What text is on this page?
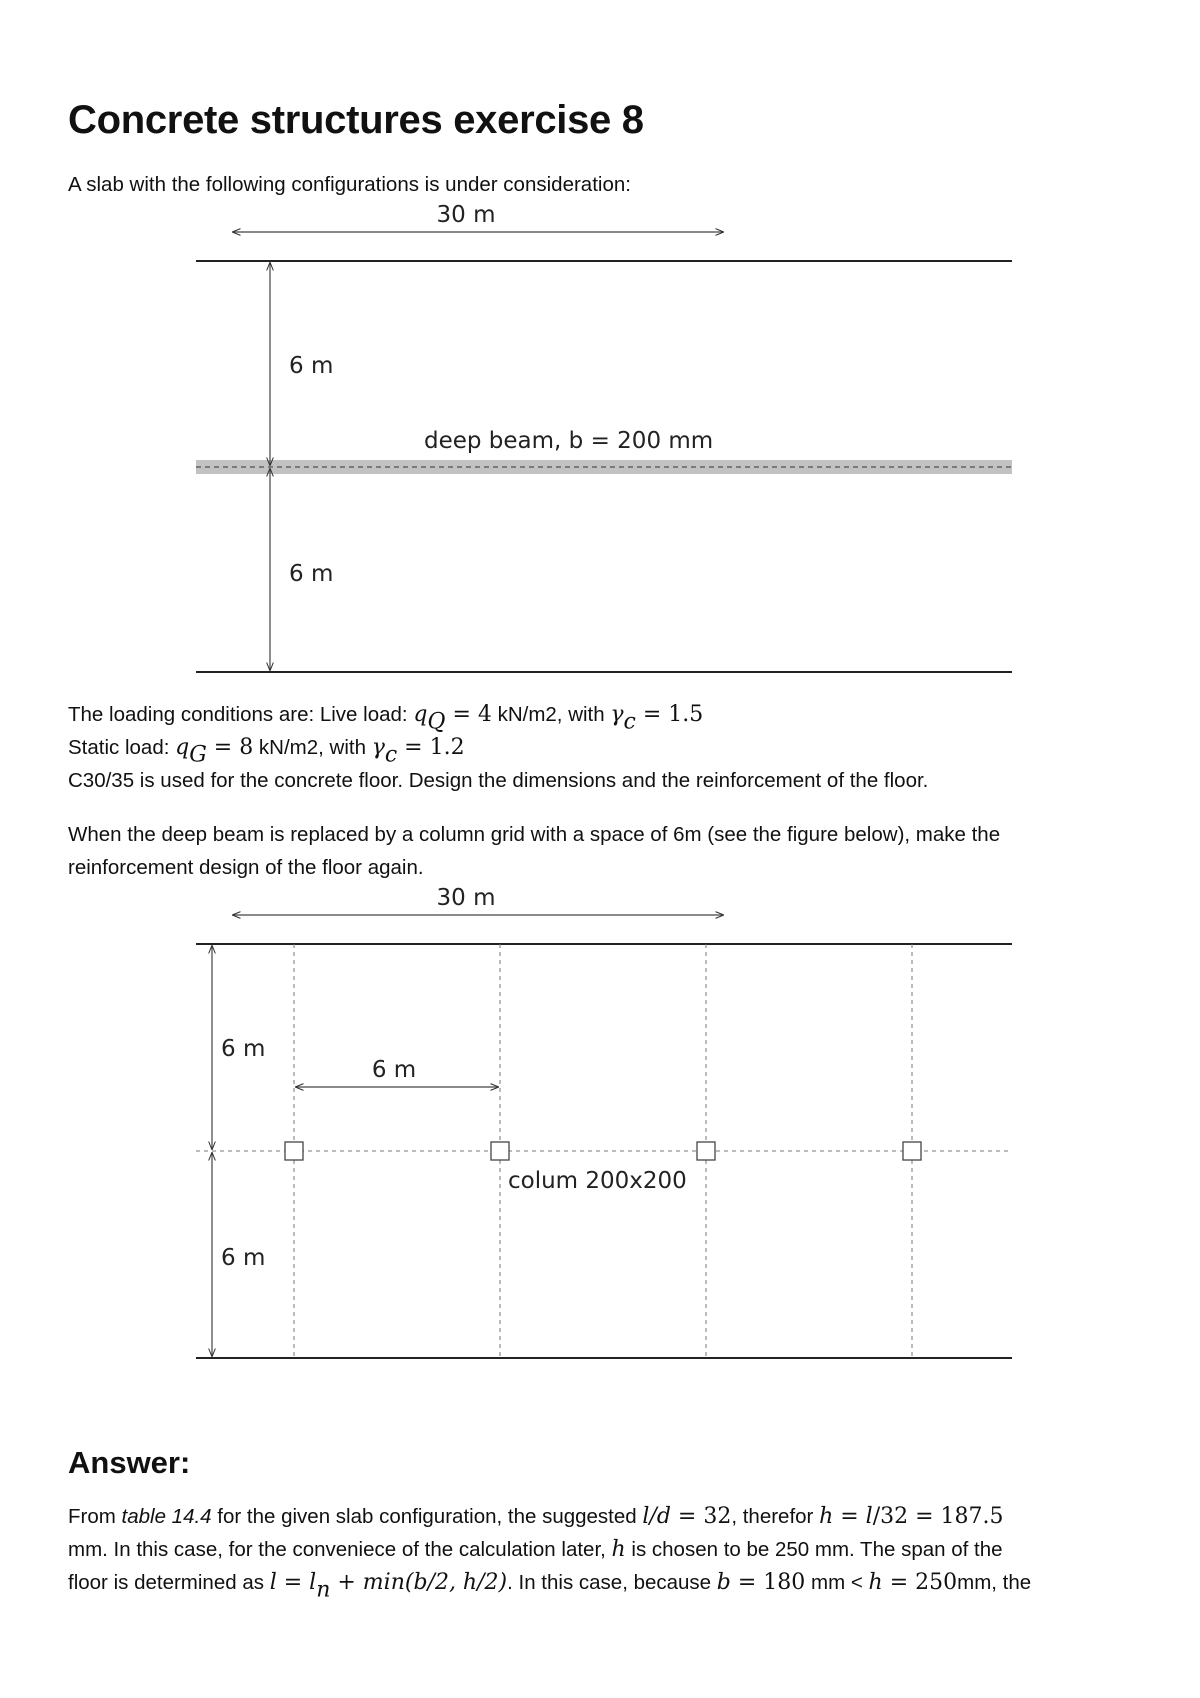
Concrete structures exercise 8
A slab with the following configurations is under consideration:
30 m
6 m
6 m
deep beam, b = 200 mm
The loading conditions are: Live load: $q_Q = 4$ kN/m2, with $\gamma_c = 1.5$
Static load: $q_G = 8$ kN/m2, with $\gamma_c = 1.2$
C30/35 is used for the concrete floor. Design the dimensions and the reinforcement of the floor.
When the deep beam is replaced by a column grid with a space of 6m (see the figure below), make the
reinforcement design of the floor again.
30 m
6 m
6 m
6 m
colum 200x200
Answer:
From table 14.4 for the given slab configuration, the suggested l/d = 32, therefor h = l/32 = 187.5
mm. In this case, for the conveniece of the calculation later, h is chosen to be 250 mm. The span of the
floor is determined as $l = l_n + \min(b/2$, h/2). In this case, because b = 180 mm < h = 250mm, the
